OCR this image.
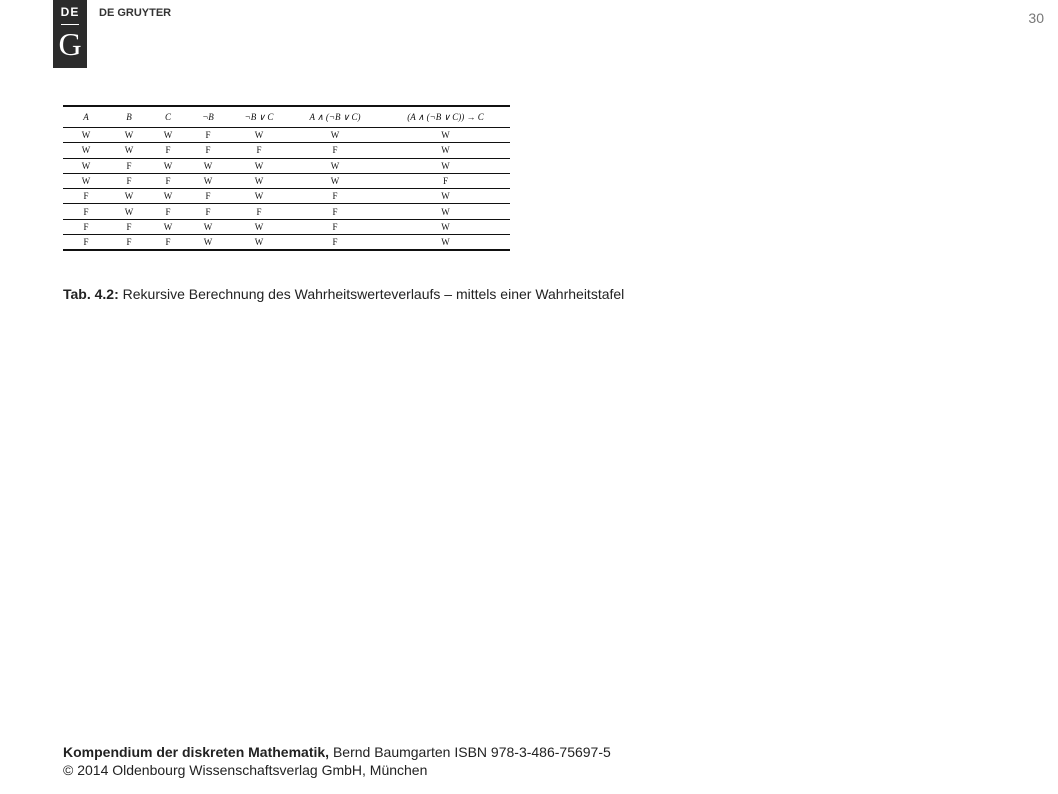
DE
G
DE GRUYTER	30
A	B	C	¬B	¬B ∨ C	A ∧ (¬B ∨ C)	(A ∧ (¬B ∨ C)) → C
W	W	W	F	W	W	W
W	W	F	F	F	F	W
W	F	W	W	W	W	W
W	F	F	W	W	W	F
F	W	W	F	W	F	W
F	W	F	F	F	F	W
F	F	W	W	W	F	W
F	F	F	W	W	F	W
Tab. 4.2: Rekursive Berechnung des Wahrheitswerteverlaufs – mittels einer Wahrheitstafel
Kompendium der diskreten Mathematik, Bernd Baumgarten ISBN 978-3-486-75697-5
© 2014 Oldenbourg Wissenschaftsverlag GmbH, München
